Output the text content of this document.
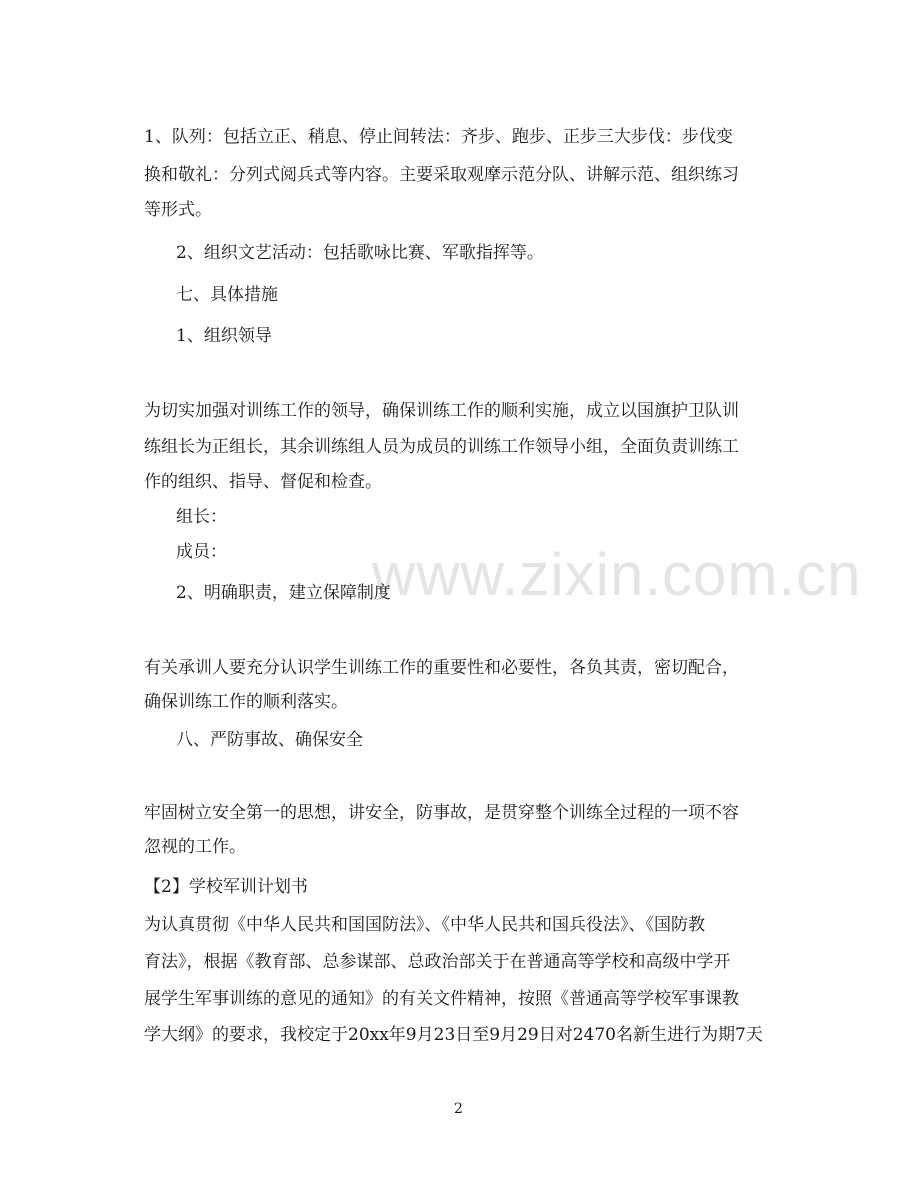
www.zixin.com.cn
1、队列：包括立正、稍息、停止间转法：齐步、跑步、正步三大步伐：步伐变
换和敬礼：分列式阅兵式等内容。主要采取观摩示范分队、讲解示范、组织练习
等形式。
2、组织文艺活动：包括歌咏比赛、军歌指挥等。
七、具体措施
1、组织领导
为切实加强对训练工作的领导，确保训练工作的顺利实施，成立以国旗护卫队训
练组长为正组长，其余训练组人员为成员的训练工作领导小组，全面负责训练工
作的组织、指导、督促和检查。
组长：
成员：
2、明确职责，建立保障制度
有关承训人要充分认识学生训练工作的重要性和必要性，各负其责，密切配合，
确保训练工作的顺利落实。
八、严防事故、确保安全
牢固树立安全第一的思想，讲安全，防事故，是贯穿整个训练全过程的一项不容
忽视的工作。
【2】学校军训计划书
为认真贯彻《中华人民共和国国防法》、《中华人民共和国兵役法》、《国防教
育法》，根据《教育部、总参谋部、总政治部关于在普通高等学校和高级中学开
展学生军事训练的意见的通知》的有关文件精神，按照《普通高等学校军事课教
学大纲》的要求，我校定于20xx年9月23日至9月29日对2470名新生进行为期7天
2
